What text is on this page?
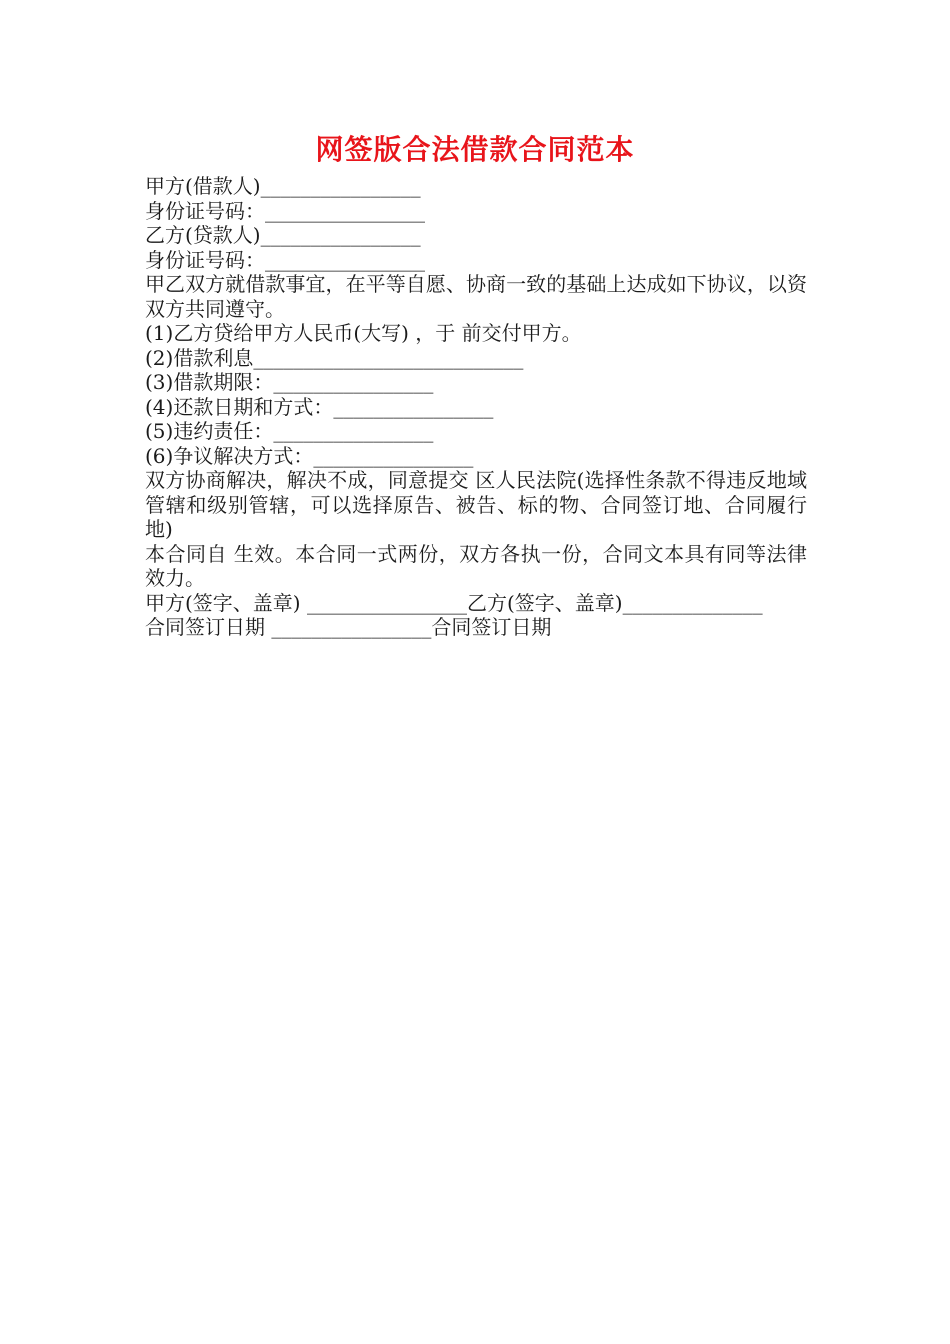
网签版合法借款合同范本
甲方(借款人)________________
身份证号码：________________
乙方(贷款人)________________
身份证号码：________________
甲乙双方就借款事宜，在平等自愿、协商一致的基础上达成如下协议，以资双方共同遵守。
(1)乙方贷给甲方人民币(大写) ，于 前交付甲方。
(2)借款利息___________________________
(3)借款期限：________________
(4)还款日期和方式：________________
(5)违约责任：________________
(6)争议解决方式：________________
双方协商解决，解决不成，同意提交 区人民法院(选择性条款不得违反地域管辖和级别管辖，可以选择原告、被告、标的物、合同签订地、合同履行地)
本合同自 生效。本合同一式两份，双方各执一份，合同文本具有同等法律效力。
甲方(签字、盖章) ________________乙方(签字、盖章)______________
合同签订日期 ________________合同签订日期
